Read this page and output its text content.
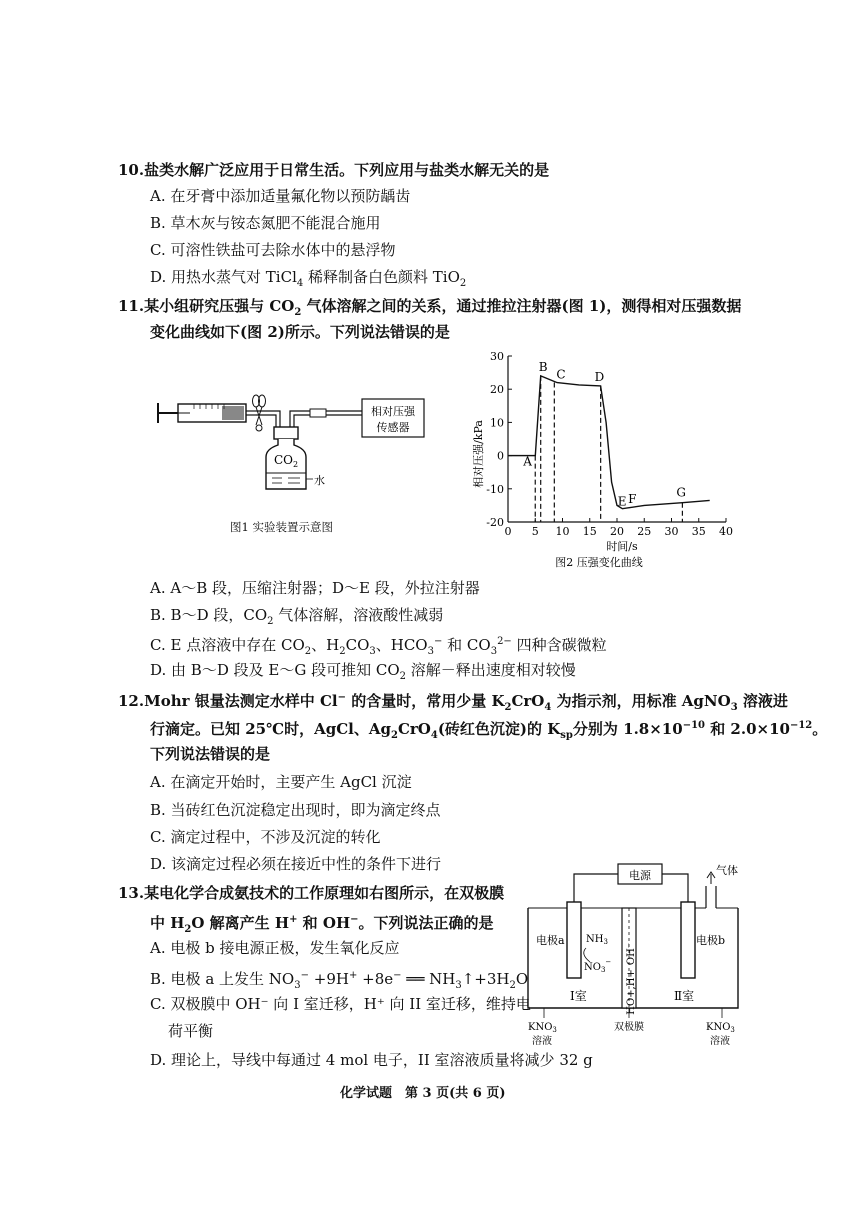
10.盐类水解广泛应用于日常生活。下列应用与盐类水解无关的是
A. 在牙膏中添加适量氟化物以预防龋齿
B. 草木灰与铵态氮肥不能混合施用
C. 可溶性铁盐可去除水体中的悬浮物
D. 用热水蒸气对 TiCl$_4$ 稀释制备白色颜料 TiO$_2$
11.某小组研究压强与 $CO_2$ 气体溶解之间的关系，通过推拉注射器(图 1)，测得相对压强数据
变化曲线如下(图 2)所示。下列说法错误的是
$CO_2$
水
相对压强
传感器
图1 实验装置示意图
相对压强/kPa
时间/s
图2 压强变化曲线
0 5 10 15 20 25 30 35 40
-20
-10
0
10
20
30
A
B
C D
E F	G
A. A～B 段，压缩注射器；D～E 段，外拉注射器
B. B～D 段，$CO_2$ 气体溶解，溶液酸性减弱
C. E 点溶液中存在 $CO_2$、$H_2CO_3$、$HCO_3^-$ 和 $CO_3^{2-}$ 四种含碳微粒
D. 由 B～D 段及 E～G 段可推知 $CO_2$ 溶解－释出速度相对较慢
12.Mohr 银量法测定水样中 Cl− 的含量时，常用少量 $K_2CrO_4$ 为指示剂，用标准 AgNO$_3$ 溶液进
行滴定。已知 25℃时，AgCl、$Ag_2CrO_4$(砖红色沉淀)的 $K_{sp}$分别为 $1.8\times 10^{-10}$ 和 $2.0\times 10^{-12}$。
下列说法错误的是
A. 在滴定开始时，主要产生 AgCl 沉淀
B. 当砖红色沉淀稳定出现时，即为滴定终点
C. 滴定过程中，不涉及沉淀的转化
D. 该滴定过程必须在接近中性的条件下进行
13.某电化学合成氨技术的工作原理如右图所示，在双极膜
中 $H_2O$ 解离产生 H+ 和 OH−。下列说法正确的是
A. 电极 b 接电源正极，发生氧化反应
B. 电极 a 上发生 $NO_3^- +9H^+ +8e^-$ ══ $NH_3↑+3H_2O$
C. 双极膜中 OH⁻ 向 I 室迁移，H⁺ 向 II 室迁移，维持电
荷平衡
D. 理论上，导线中每通过 4 mol 电子，II 室溶液质量将减少 32 g
电源	气体
OH⁻
HO+,H+
电极a	电极b
$NH_3$
$NO_3^-$
Ⅰ室	Ⅱ室
$KNO_3$
溶液
双极膜	$KNO_3$
溶液
化学试题　第 3 页(共 6 页)
